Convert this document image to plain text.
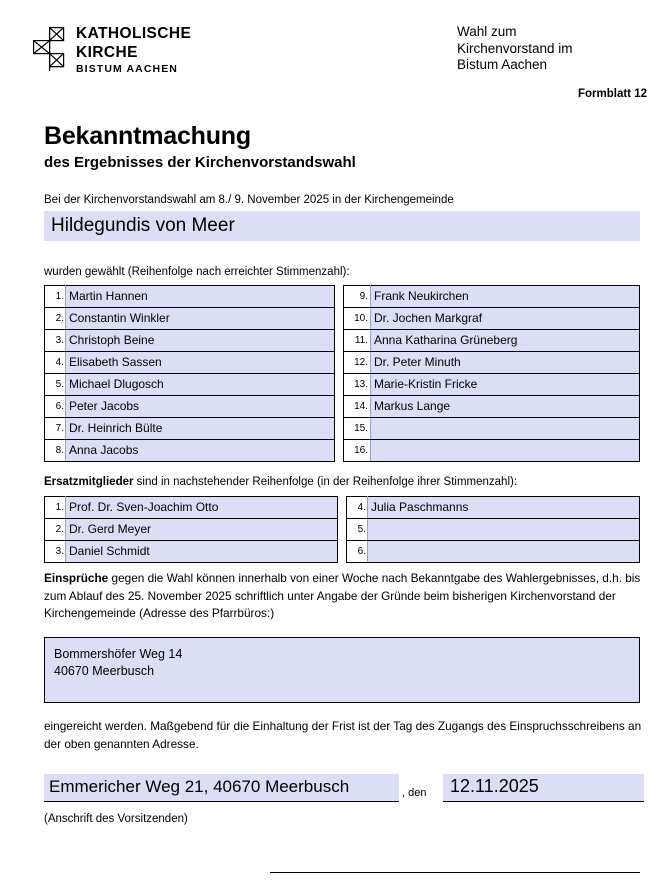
KATHOLISCHE
KIRCHE
BISTUM AACHEN
Wahl zum
Kirchenvorstand im
Bistum Aachen
Formblatt 12
Bekanntmachung
des Ergebnisses der Kirchenvorstandswahl
Bei der Kirchenvorstandswahl am 8./ 9. November 2025 in der Kirchengemeinde
Hildegundis von Meer
wurden gewählt (Reihenfolge nach erreichter Stimmenzahl):
1.	Martin Hannen		9.	Frank Neukirchen
2.	Constantin Winkler		10.	Dr. Jochen Markgraf
3.	Christoph Beine		11.	Anna Katharina Grüneberg
4.	Elisabeth Sassen		12.	Dr. Peter Minuth
5.	Michael Dlugosch		13.	Marie-Kristin Fricke
6.	Peter Jacobs		14.	Markus Lange
7.	Dr. Heinrich Bülte		15.	
8.	Anna Jacobs		16.	
Ersatzmitglieder sind in nachstehender Reihenfolge (in der Reihenfolge ihrer Stimmenzahl):
1.	Prof. Dr. Sven-Joachim Otto		4.	Julia Paschmanns
2.	Dr. Gerd Meyer		5.	
3.	Daniel Schmidt		6.	
Einsprüche gegen die Wahl können innerhalb von einer Woche nach Bekanntgabe des Wahlergebnisses, d.h. bis zum Ablauf des 25. November 2025 schriftlich unter Angabe der Gründe beim bisherigen Kirchenvorstand der Kirchengemeinde (Adresse des Pfarrbüros:)
Bommershöfer Weg 14
40670 Meerbusch
eingereicht werden. Maßgebend für die Einhaltung der Frist ist der Tag des Zugangs des Einspruchsschreibens an der oben genannten Adresse.
Emmericher Weg 21, 40670 Meerbusch	, den 12.11.2025
(Anschrift des Vorsitzenden)
